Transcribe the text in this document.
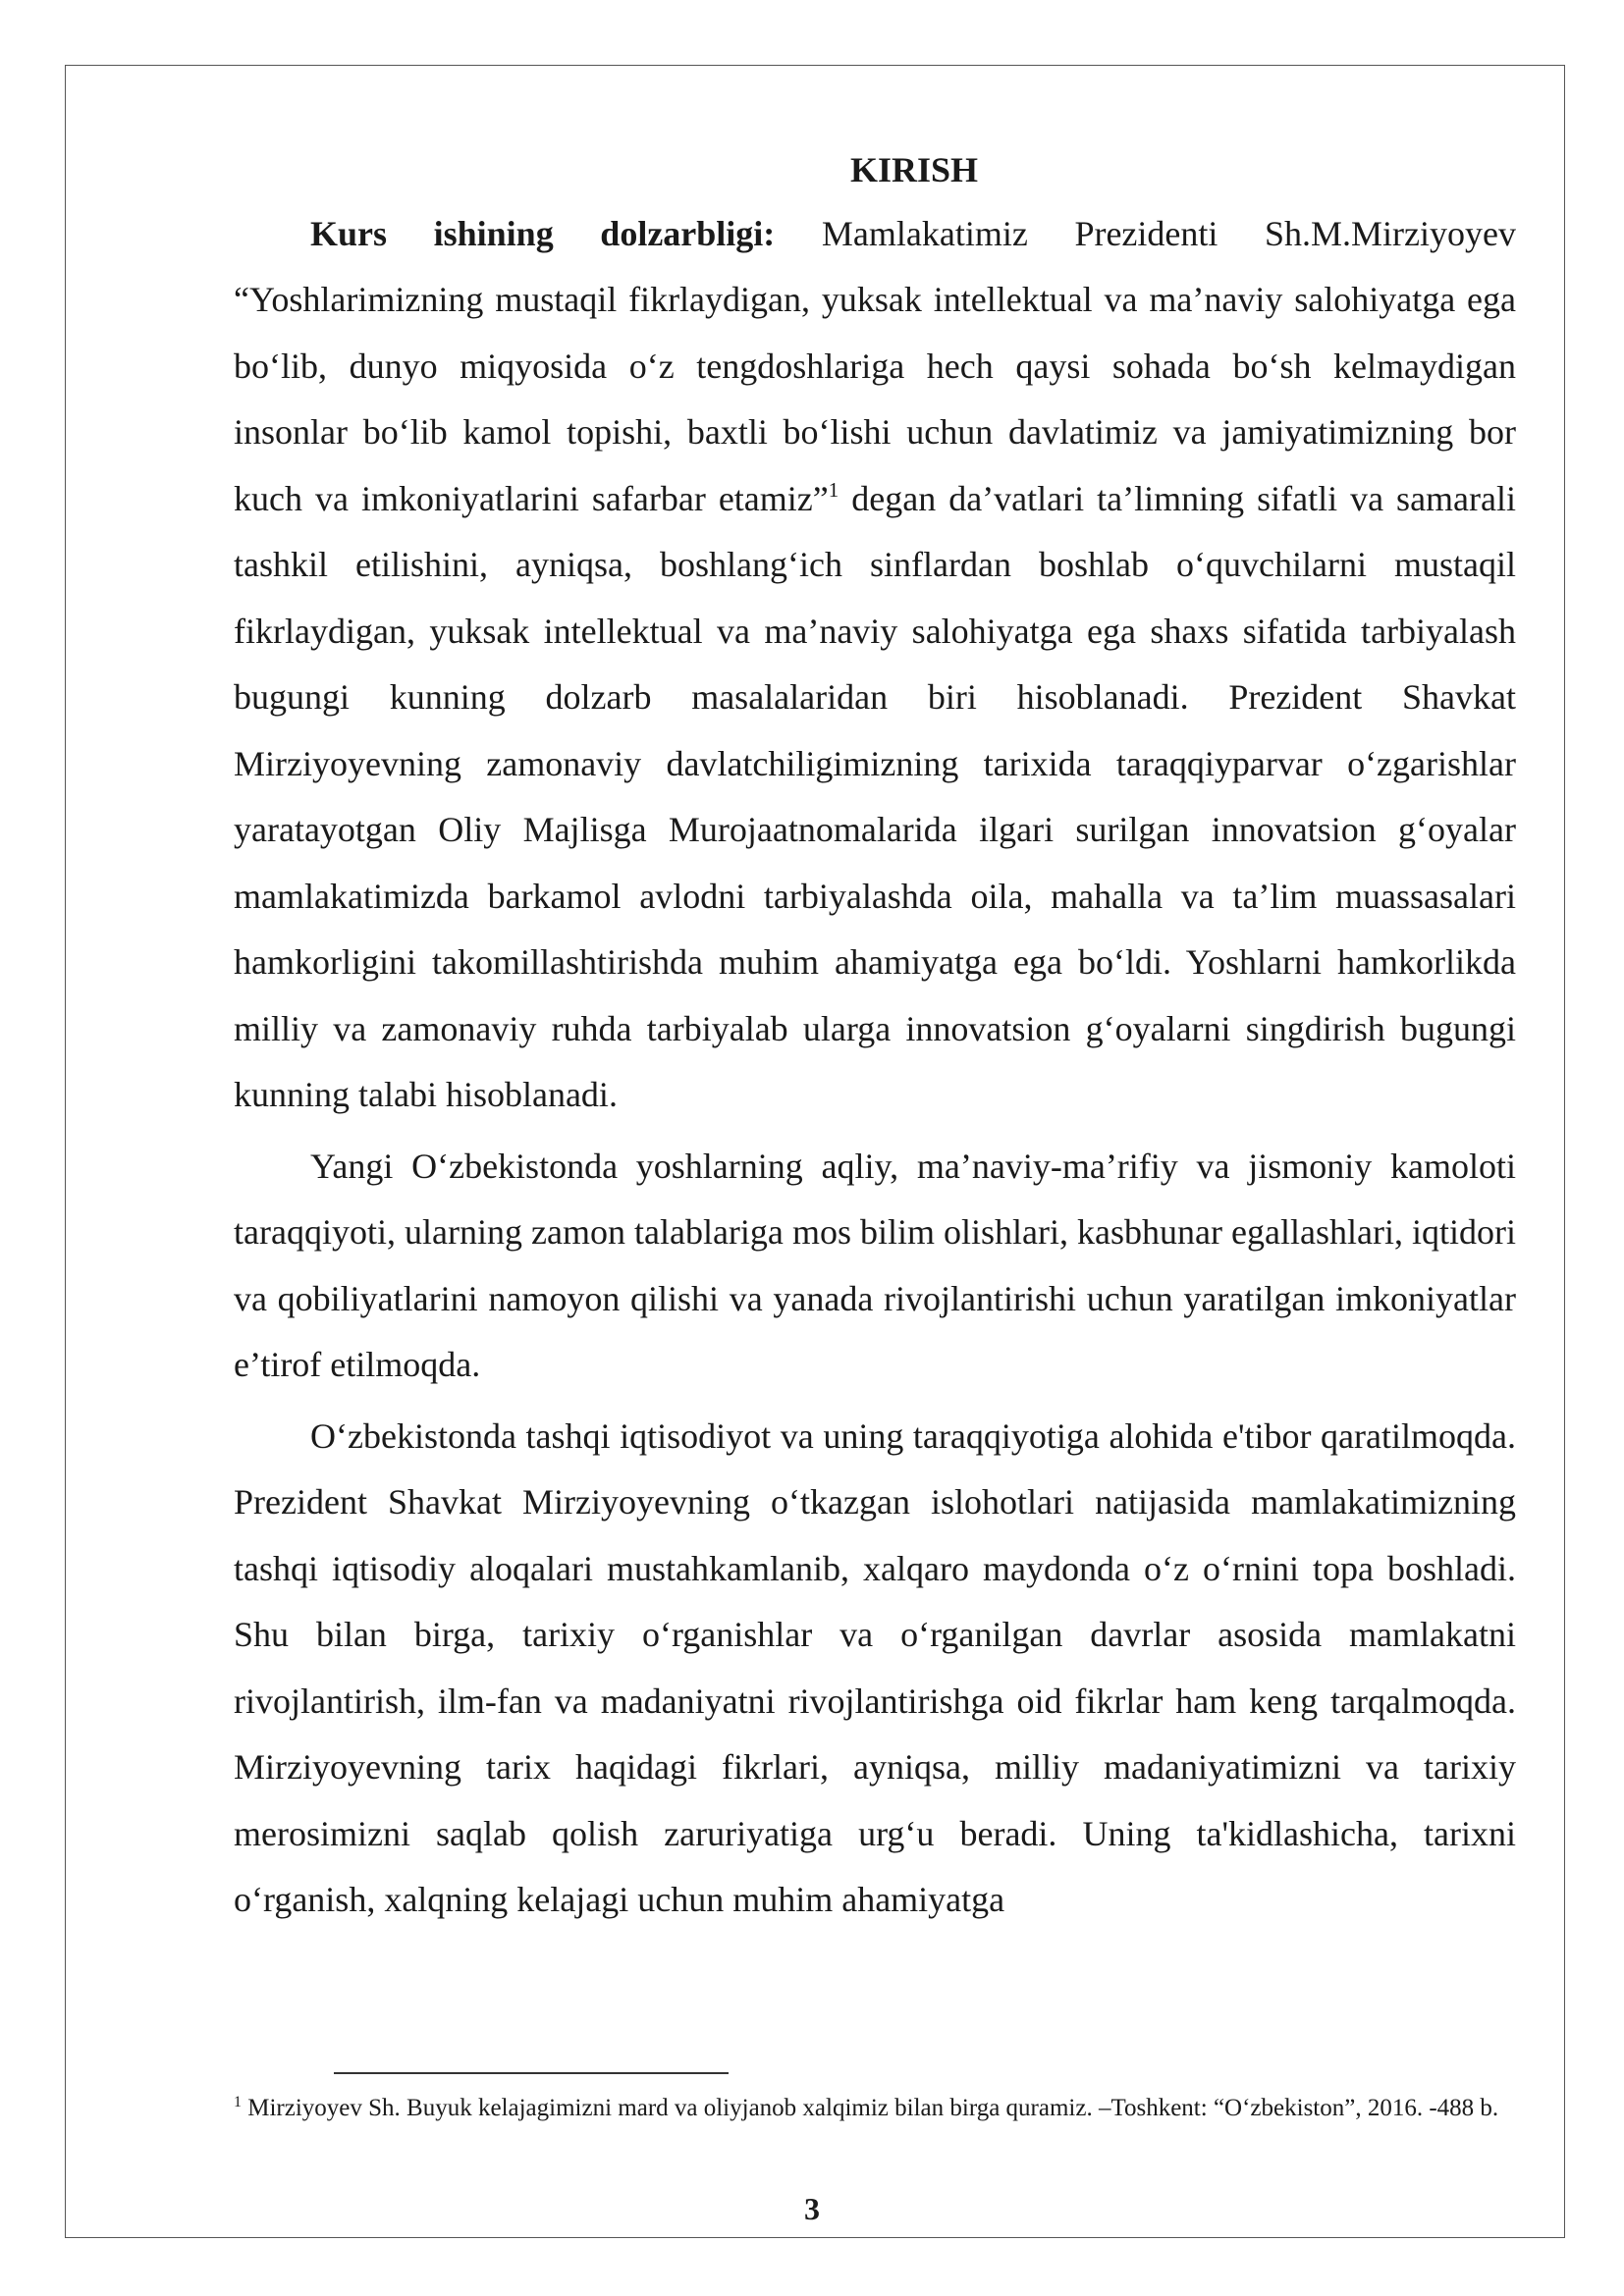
KIRISH

Kurs ishining dolzarbligi: Mamlakatimiz Prezidenti Sh.M.Mirziyoyev “Yoshlarimizning mustaqil fikrlaydigan, yuksak intellektual va ma’naviy salohiyatga ega bo‘lib, dunyo miqyosida o‘z tengdoshlariga hech qaysi sohada bo‘sh kelmaydigan insonlar bo‘lib kamol topishi, baxtli bo‘lishi uchun davlatimiz va jamiyatimizning bor kuch va imkoniyatlarini safarbar etamiz”$^1$ degan da’vatlari ta’limning sifatli va samarali tashkil etilishini, ayniqsa, boshlang‘ich sinflardan boshlab o‘quvchilarni mustaqil fikrlaydigan, yuksak intellektual va ma’naviy salohiyatga ega shaxs sifatida tarbiyalash bugungi kunning dolzarb masalalaridan biri hisoblanadi. Prezident Shavkat Mirziyoyevning zamonaviy davlatchiligimizning tarixida taraqqiyparvar o‘zgarishlar yaratayotgan Oliy Majlisga Murojaatnomalarida ilgari surilgan innovatsion g‘oyalar mamlakatimizda barkamol avlodni tarbiyalashda oila, mahalla va ta’lim muassasalari hamkorligini takomillashtirishda muhim ahamiyatga ega bo‘ldi. Yoshlarni hamkorlikda milliy va zamonaviy ruhda tarbiyalab ularga innovatsion g‘oyalarni singdirish bugungi kunning talabi hisoblanadi.

Yangi O‘zbekistonda yoshlarning aqliy, ma’naviy-ma’rifiy va jismoniy kamoloti taraqqiyoti, ularning zamon talablariga mos bilim olishlari, kasbhunar egallashlari, iqtidori va qobiliyatlarini namoyon qilishi va yanada rivojlantirishi uchun yaratilgan imkoniyatlar e’tirof etilmoqda.

O‘zbekistonda tashqi iqtisodiyot va uning taraqqiyotiga alohida e'tibor qaratilmoqda. Prezident Shavkat Mirziyoyevning o‘tkazgan islohotlari natijasida mamlakatimizning tashqi iqtisodiy aloqalari mustahkamlanib, xalqaro maydonda o‘z o‘rnini topa boshladi. Shu bilan birga, tarixiy o‘rganishlar va o‘rganilgan davrlar asosida mamlakatni rivojlantirish, ilm-fan va madaniyatni rivojlantirishga oid fikrlar ham keng tarqalmoqda. Mirziyoyevning tarix haqidagi fikrlari, ayniqsa, milliy madaniyatimizni va tarixiy merosimizni saqlab qolish zaruriyatiga urg‘u beradi. Uning ta'kidlashicha, tarixni o‘rganish, xalqning kelajagi uchun muhim ahamiyatga

$^1$ Mirziyoyev Sh. Buyuk kelajagimizni mard va oliyjanob xalqimiz bilan birga quramiz. –Toshkent: “O‘zbekiston”, 2016. -488 b.
3
